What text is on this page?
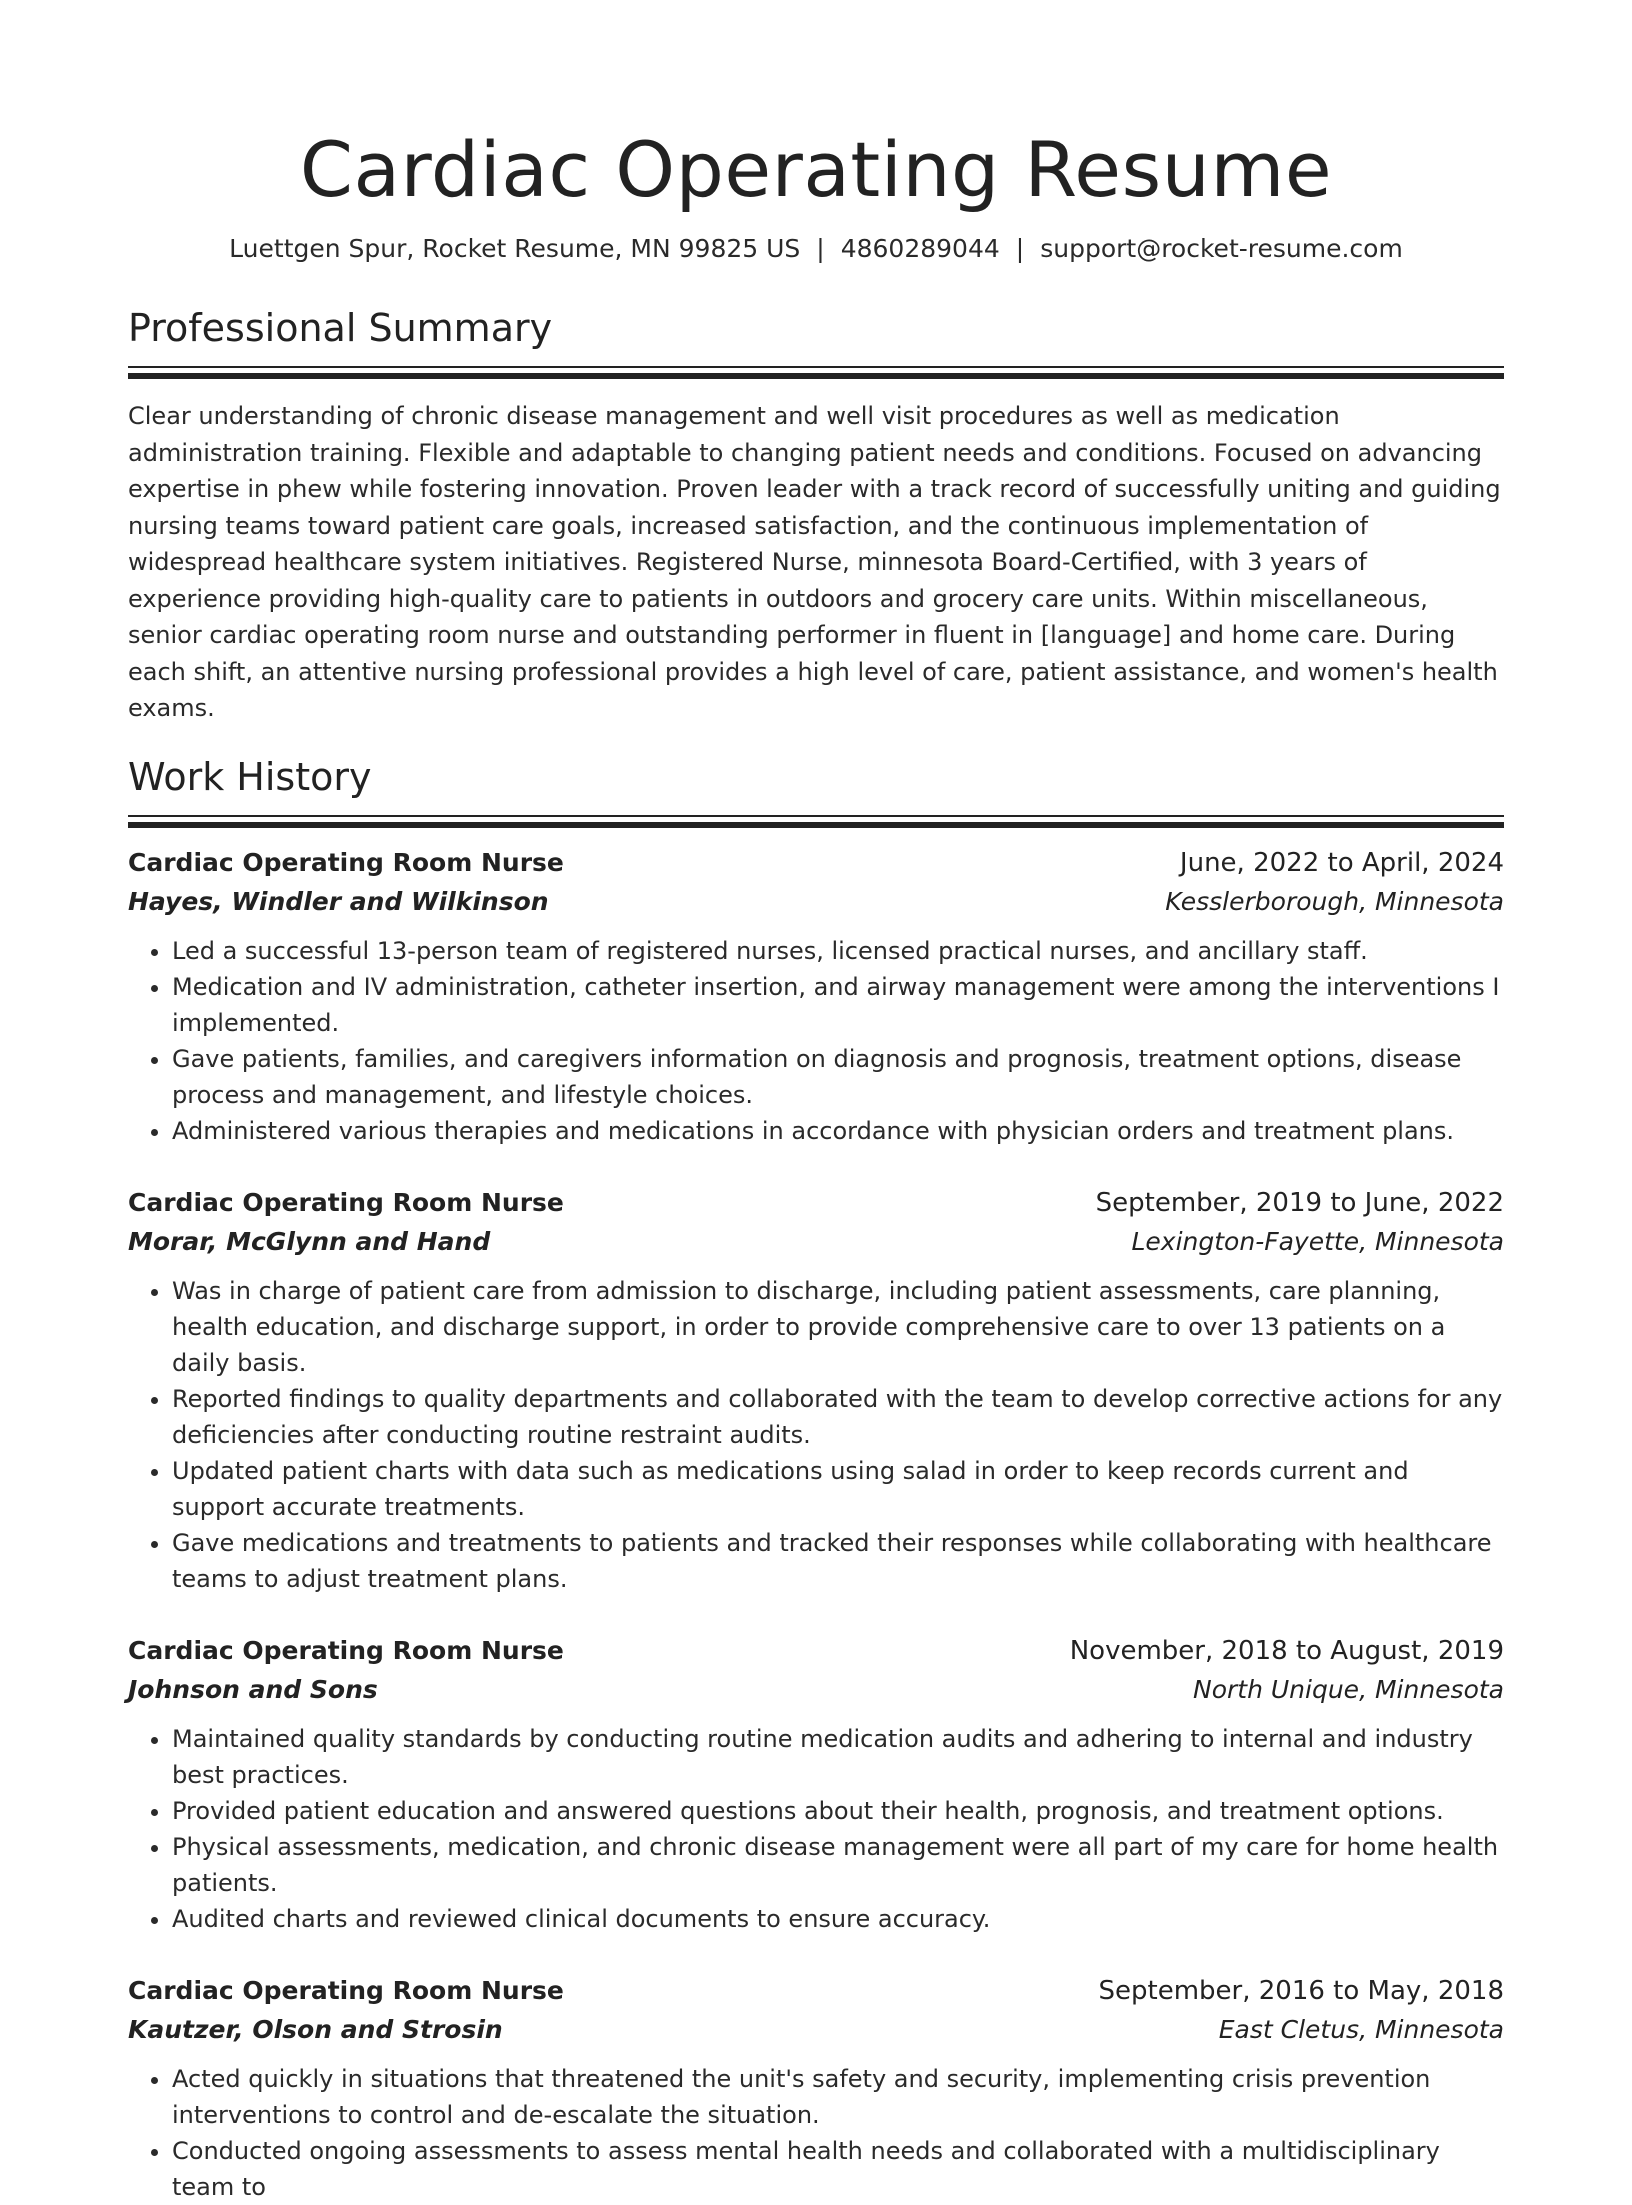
Cardiac Operating Resume
Luettgen Spur, Rocket Resume, MN 99825 US | 4860289044 | support@rocket-resume.com
Professional Summary
Clear understanding of chronic disease management and well visit procedures as well as medication administration training. Flexible and adaptable to changing patient needs and conditions. Focused on advancing expertise in phew while fostering innovation. Proven leader with a track record of successfully uniting and guiding nursing teams toward patient care goals, increased satisfaction, and the continuous implementation of widespread healthcare system initiatives. Registered Nurse, minnesota Board-Certified, with 3 years of experience providing high-quality care to patients in outdoors and grocery care units. Within miscellaneous, senior cardiac operating room nurse and outstanding performer in fluent in [language] and home care. During each shift, an attentive nursing professional provides a high level of care, patient assistance, and women's health exams.
Work History
Cardiac Operating Room Nurse	June, 2022 to April, 2024
Hayes, Windler and Wilkinson	Kesslerborough, Minnesota
• Led a successful 13-person team of registered nurses, licensed practical nurses, and ancillary staff.
• Medication and IV administration, catheter insertion, and airway management were among the interventions I implemented.
• Gave patients, families, and caregivers information on diagnosis and prognosis, treatment options, disease process and management, and lifestyle choices.
• Administered various therapies and medications in accordance with physician orders and treatment plans.
Cardiac Operating Room Nurse	September, 2019 to June, 2022
Morar, McGlynn and Hand	Lexington-Fayette, Minnesota
• Was in charge of patient care from admission to discharge, including patient assessments, care planning, health education, and discharge support, in order to provide comprehensive care to over 13 patients on a daily basis.
• Reported findings to quality departments and collaborated with the team to develop corrective actions for any deficiencies after conducting routine restraint audits.
• Updated patient charts with data such as medications using salad in order to keep records current and support accurate treatments.
• Gave medications and treatments to patients and tracked their responses while collaborating with healthcare teams to adjust treatment plans.
Cardiac Operating Room Nurse	November, 2018 to August, 2019
Johnson and Sons	North Unique, Minnesota
• Maintained quality standards by conducting routine medication audits and adhering to internal and industry best practices.
• Provided patient education and answered questions about their health, prognosis, and treatment options.
• Physical assessments, medication, and chronic disease management were all part of my care for home health patients.
• Audited charts and reviewed clinical documents to ensure accuracy.
Cardiac Operating Room Nurse	September, 2016 to May, 2018
Kautzer, Olson and Strosin	East Cletus, Minnesota
• Acted quickly in situations that threatened the unit's safety and security, implementing crisis prevention interventions to control and de-escalate the situation.
• Conducted ongoing assessments to assess mental health needs and collaborated with a multidisciplinary team to
